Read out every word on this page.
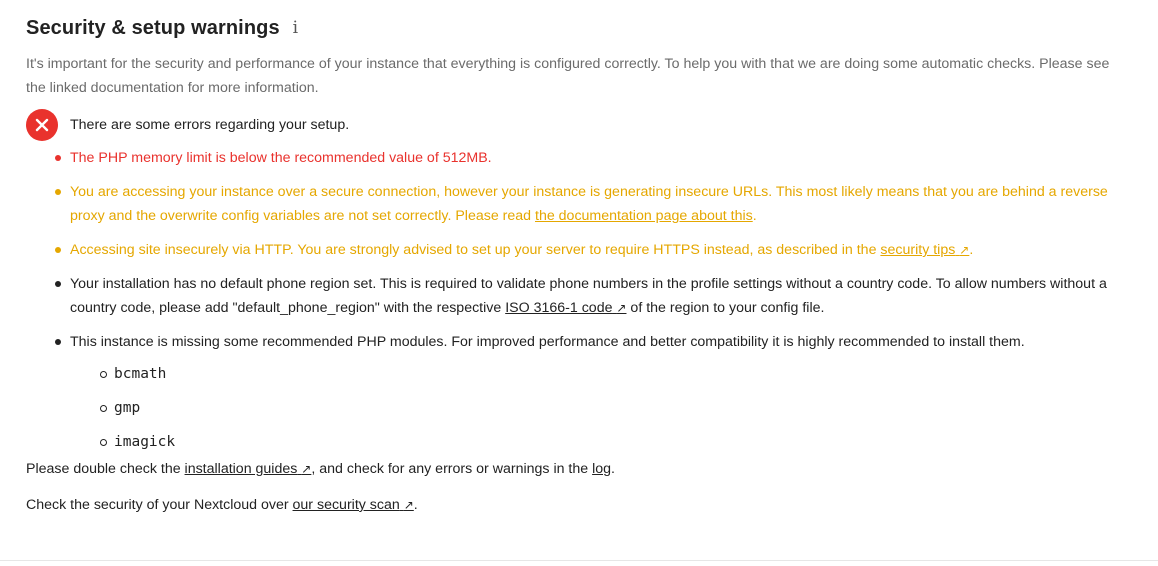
Security & setup warnings i

It's important for the security and performance of your instance that everything is configured correctly. To help you with that we are doing some automatic checks. Please see the linked documentation for more information.

There are some errors regarding your setup.
The PHP memory limit is below the recommended value of 512MB.
You are accessing your instance over a secure connection, however your instance is generating insecure URLs. This most likely means that you are behind a reverse proxy and the overwrite config variables are not set correctly. Please read the documentation page about this.
Accessing site insecurely via HTTP. You are strongly advised to set up your server to require HTTPS instead, as described in the security tips ↗.
Your installation has no default phone region set. This is required to validate phone numbers in the profile settings without a country code. To allow numbers without a country code, please add "default_phone_region" with the respective ISO 3166-1 code ↗ of the region to your config file.
This instance is missing some recommended PHP modules. For improved performance and better compatibility it is highly recommended to install them.
bcmath
gmp
imagick

Please double check the installation guides ↗, and check for any errors or warnings in the log.

Check the security of your Nextcloud over our security scan ↗.
